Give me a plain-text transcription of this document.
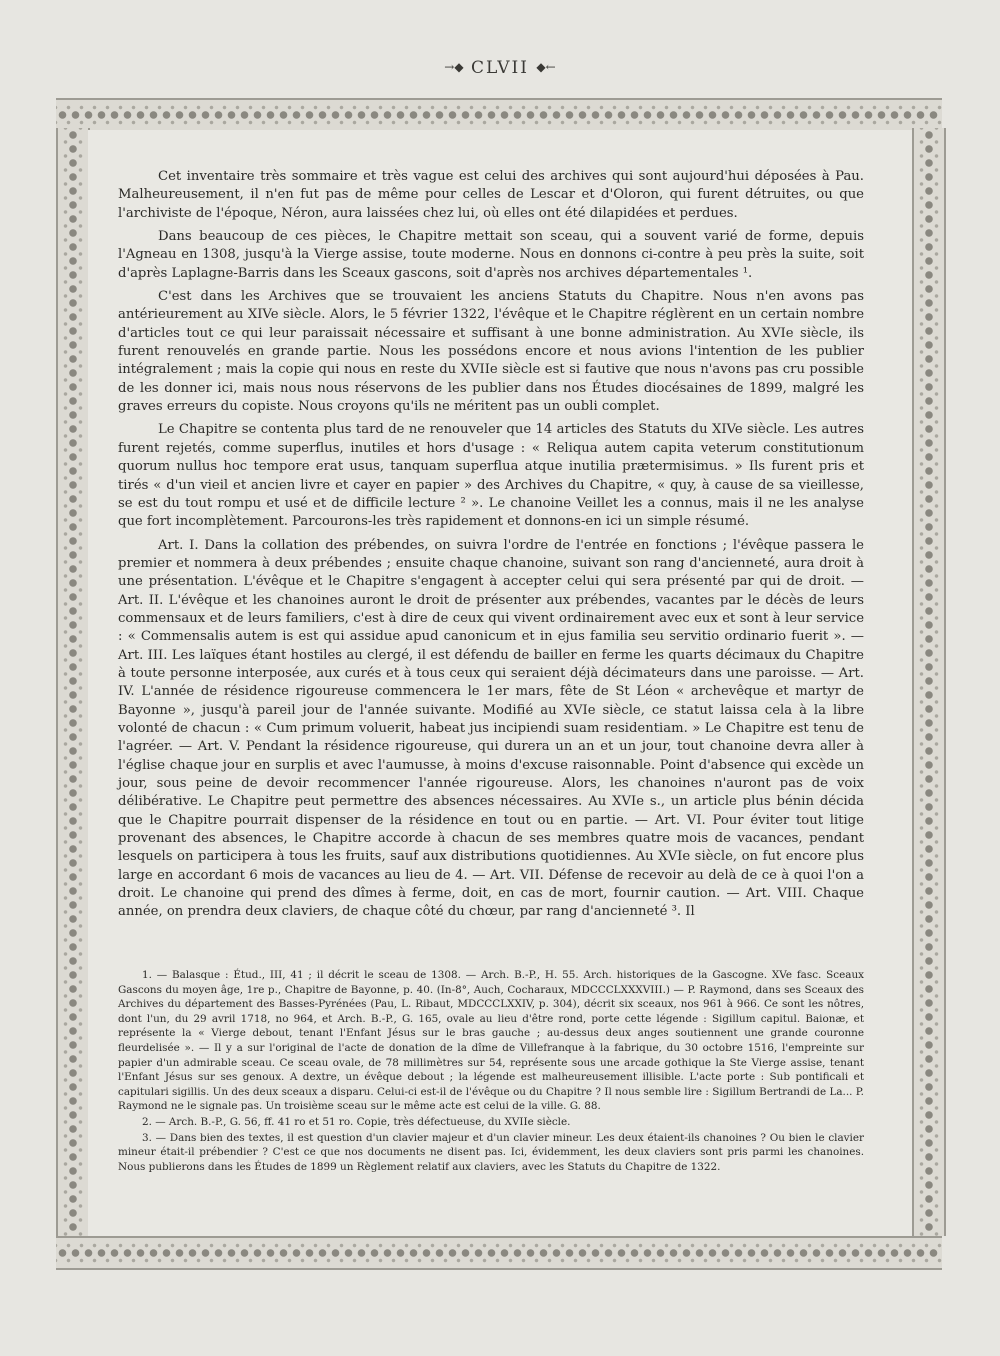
→◆ CLVII ◆←

Cet inventaire très sommaire et très vague est celui des archives qui sont aujourd'hui déposées à Pau. Malheureusement, il n'en fut pas de même pour celles de Lescar et d'Oloron, qui furent détruites, ou que l'archiviste de l'époque, Néron, aura laissées chez lui, où elles ont été dilapidées et perdues.

Dans beaucoup de ces pièces, le Chapitre mettait son sceau, qui a souvent varié de forme, depuis l'Agneau en 1308, jusqu'à la Vierge assise, toute moderne. Nous en donnons ci-contre à peu près la suite, soit d'après Laplagne-Barris dans les Sceaux gascons, soit d'après nos archives départementales ¹.

C'est dans les Archives que se trouvaient les anciens Statuts du Chapitre. Nous n'en avons pas antérieurement au XIVe siècle. Alors, le 5 février 1322, l'évêque et le Chapitre réglèrent en un certain nombre d'articles tout ce qui leur paraissait nécessaire et suffisant à une bonne administration. Au XVIe siècle, ils furent renouvelés en grande partie. Nous les possédons encore et nous avions l'intention de les publier intégralement ; mais la copie qui nous en reste du XVIIe siècle est si fautive que nous n'avons pas cru possible de les donner ici, mais nous nous réservons de les publier dans nos Études diocésaines de 1899, malgré les graves erreurs du copiste. Nous croyons qu'ils ne méritent pas un oubli complet.

Le Chapitre se contenta plus tard de ne renouveler que 14 articles des Statuts du XIVe siècle. Les autres furent rejetés, comme superflus, inutiles et hors d'usage : « Reliqua autem capita veterum constitutionum quorum nullus hoc tempore erat usus, tanquam superflua atque inutilia prætermisimus. » Ils furent pris et tirés « d'un vieil et ancien livre et cayer en papier » des Archives du Chapitre, « quy, à cause de sa vieillesse, se est du tout rompu et usé et de difficile lecture ² ». Le chanoine Veillet les a connus, mais il ne les analyse que fort incomplètement. Parcourons-les très rapidement et donnons-en ici un simple résumé.

Art. I. Dans la collation des prébendes, on suivra l'ordre de l'entrée en fonctions ; l'évêque passera le premier et nommera à deux prébendes ; ensuite chaque chanoine, suivant son rang d'ancienneté, aura droit à une présentation. L'évêque et le Chapitre s'engagent à accepter celui qui sera présenté par qui de droit. — Art. II. L'évêque et les chanoines auront le droit de présenter aux prébendes, vacantes par le décès de leurs commensaux et de leurs familiers, c'est à dire de ceux qui vivent ordinairement avec eux et sont à leur service : « Commensalis autem is est qui assidue apud canonicum et in ejus familia seu servitio ordinario fuerit ». — Art. III. Les laïques étant hostiles au clergé, il est défendu de bailler en ferme les quarts décimaux du Chapitre à toute personne interposée, aux curés et à tous ceux qui seraient déjà décimateurs dans une paroisse. — Art. IV. L'année de résidence rigoureuse commencera le 1er mars, fête de St Léon « archevêque et martyr de Bayonne », jusqu'à pareil jour de l'année suivante. Modifié au XVIe siècle, ce statut laissa cela à la libre volonté de chacun : « Cum primum voluerit, habeat jus incipiendi suam residentiam. » Le Chapitre est tenu de l'agréer. — Art. V. Pendant la résidence rigoureuse, qui durera un an et un jour, tout chanoine devra aller à l'église chaque jour en surplis et avec l'aumusse, à moins d'excuse raisonnable. Point d'absence qui excède un jour, sous peine de devoir recommencer l'année rigoureuse. Alors, les chanoines n'auront pas de voix délibérative. Le Chapitre peut permettre des absences nécessaires. Au XVIe s., un article plus bénin décida que le Chapitre pourrait dispenser de la résidence en tout ou en partie. — Art. VI. Pour éviter tout litige provenant des absences, le Chapitre accorde à chacun de ses membres quatre mois de vacances, pendant lesquels on participera à tous les fruits, sauf aux distributions quotidiennes. Au XVIe siècle, on fut encore plus large en accordant 6 mois de vacances au lieu de 4. — Art. VII. Défense de recevoir au delà de ce à quoi l'on a droit. Le chanoine qui prend des dîmes à ferme, doit, en cas de mort, fournir caution. — Art. VIII. Chaque année, on prendra deux claviers, de chaque côté du chœur, par rang d'ancienneté ³. Il

1. — Balasque : Étud., III, 41 ; il décrit le sceau de 1308. — Arch. B.-P., H. 55. Arch. historiques de la Gascogne. XVe fasc. Sceaux Gascons du moyen âge, 1re p., Chapitre de Bayonne, p. 40. (In-8°, Auch, Cocharaux, MDCCCLXXXVIII.) — P. Raymond, dans ses Sceaux des Archives du département des Basses-Pyrénées (Pau, L. Ribaut, MDCCCLXXIV, p. 304), décrit six sceaux, nos 961 à 966. Ce sont les nôtres, dont l'un, du 29 avril 1718, no 964, et Arch. B.-P., G. 165, ovale au lieu d'être rond, porte cette légende : Sigillum capitul. Baionæ, et représente la « Vierge debout, tenant l'Enfant Jésus sur le bras gauche ; au-dessus deux anges soutiennent une grande couronne fleurdelisée ». — Il y a sur l'original de l'acte de donation de la dîme de Villefranque à la fabrique, du 30 octobre 1516, l'empreinte sur papier d'un admirable sceau. Ce sceau ovale, de 78 millimètres sur 54, représente sous une arcade gothique la Ste Vierge assise, tenant l'Enfant Jésus sur ses genoux. A dextre, un évêque debout ; la légende est malheureusement illisible. L'acte porte : Sub pontificali et capitulari sigillis. Un des deux sceaux a disparu. Celui-ci est-il de l'évêque ou du Chapitre ? Il nous semble lire : Sigillum Bertrandi de La... P. Raymond ne le signale pas. Un troisième sceau sur le même acte est celui de la ville. G. 88.

2. — Arch. B.-P., G. 56, ff. 41 ro et 51 ro. Copie, très défectueuse, du XVIIe siècle.

3. — Dans bien des textes, il est question d'un clavier majeur et d'un clavier mineur. Les deux étaient-ils chanoines ? Ou bien le clavier mineur était-il prébendier ? C'est ce que nos documents ne disent pas. Ici, évidemment, les deux claviers sont pris parmi les chanoines. Nous publierons dans les Études de 1899 un Règlement relatif aux claviers, avec les Statuts du Chapitre de 1322.
